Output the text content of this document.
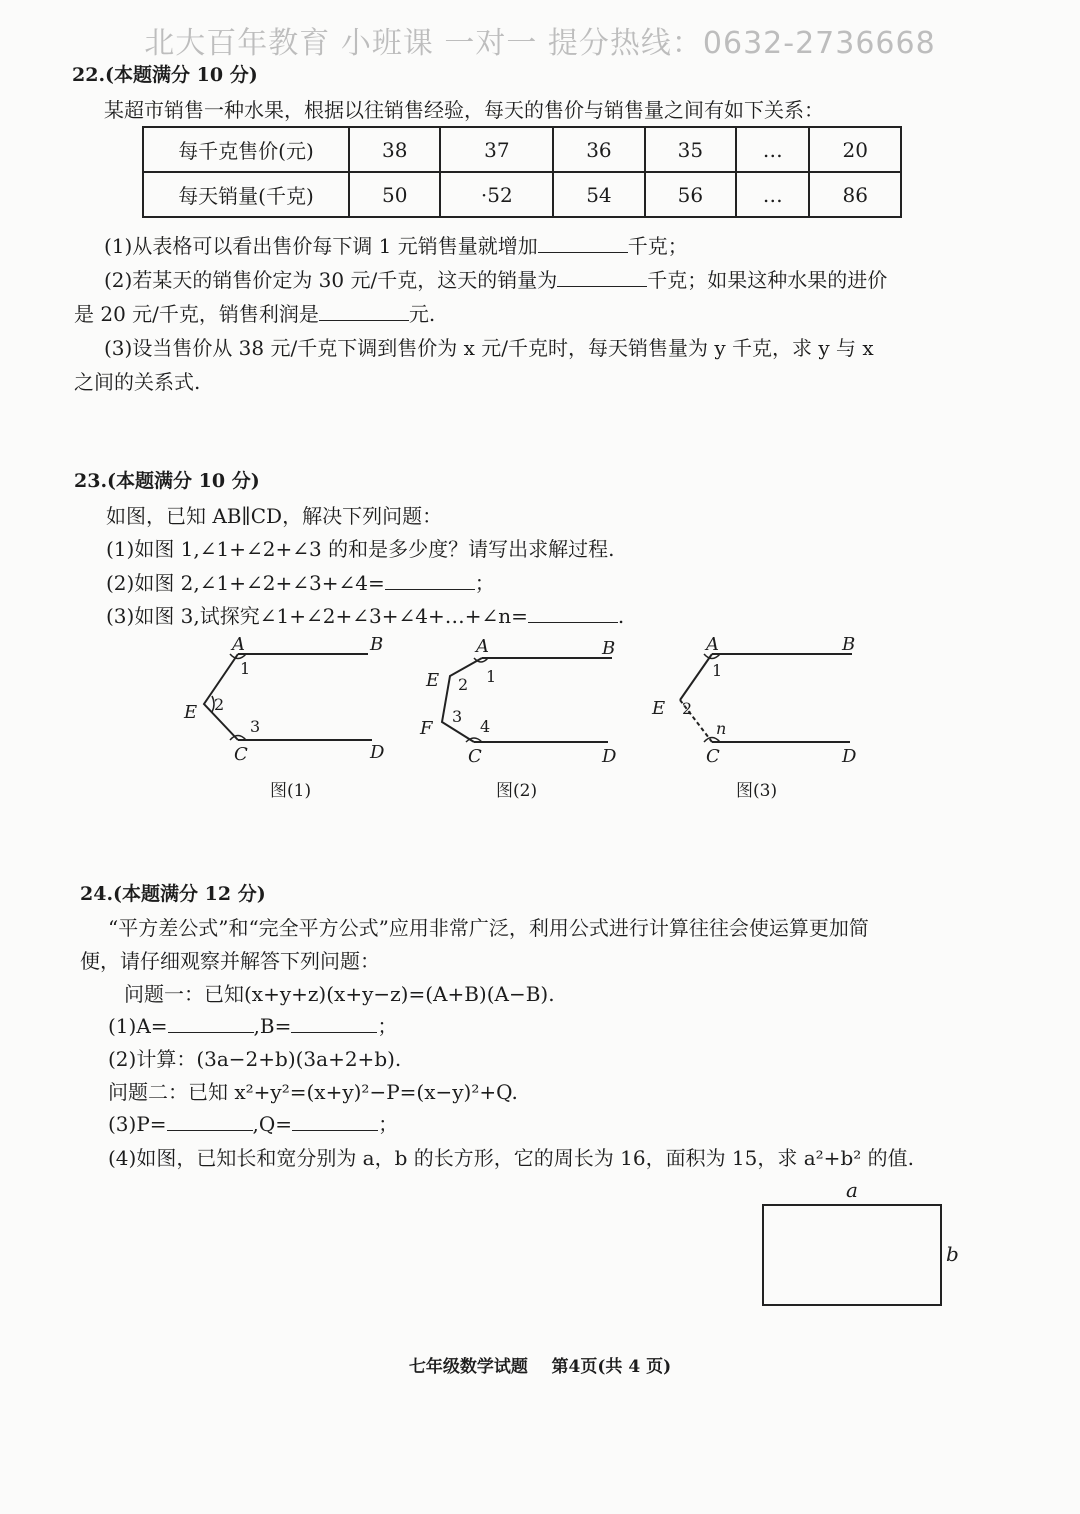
北大百年教育 小班课 一对一 提分热线：0632-2736668
22.(本题满分 10 分)
某超市销售一种水果，根据以往销售经验，每天的售价与销售量之间有如下关系：
每千克售价(元)	38	37	36	35	…	20
每天销量(千克)	50	·52	54	56	…	86
(1)从表格可以看出售价每下调 1 元销售量就增加	千克；
(2)若某天的销售价定为 30 元/千克，这天的销量为	千克；如果这种水果的进价
是 20 元/千克，销售利润是	元.
(3)设当售价从 38 元/千克下调到售价为 x 元/千克时，每天销售量为 y 千克，求 y 与 x
之间的关系式.
23.(本题满分 10 分)
如图，已知 AB∥CD，解决下列问题：
(1)如图 1,∠1+∠2+∠3 的和是多少度？请写出求解过程.
(2)如图 2,∠1+∠2+∠3+∠4=	；
(3)如图 3,试探究∠1+∠2+∠3+∠4+…+∠n=	.
A	B
E
C	D
A	B
E
F
C	D
A	B
E
C	D
1
2
3
1
2
3
4
1
2
n
图(1)	图(2)	图(3)
24.(本题满分 12 分)
“平方差公式”和“完全平方公式”应用非常广泛，利用公式进行计算往往会使运算更加简
便，请仔细观察并解答下列问题：
问题一：已知(x+y+z)(x+y−z)=(A+B)(A−B).
(1)A=	,B=	；
(2)计算：(3a−2+b)(3a+2+b).
问题二：已知 x²+y²=(x+y)²−P=(x−y)²+Q.
(3)P=	,Q=	；
(4)如图，已知长和宽分别为 a，b 的长方形，它的周长为 16，面积为 15，求 a²+b² 的值.
a
b
七年级数学试题    第4页(共 4 页)
